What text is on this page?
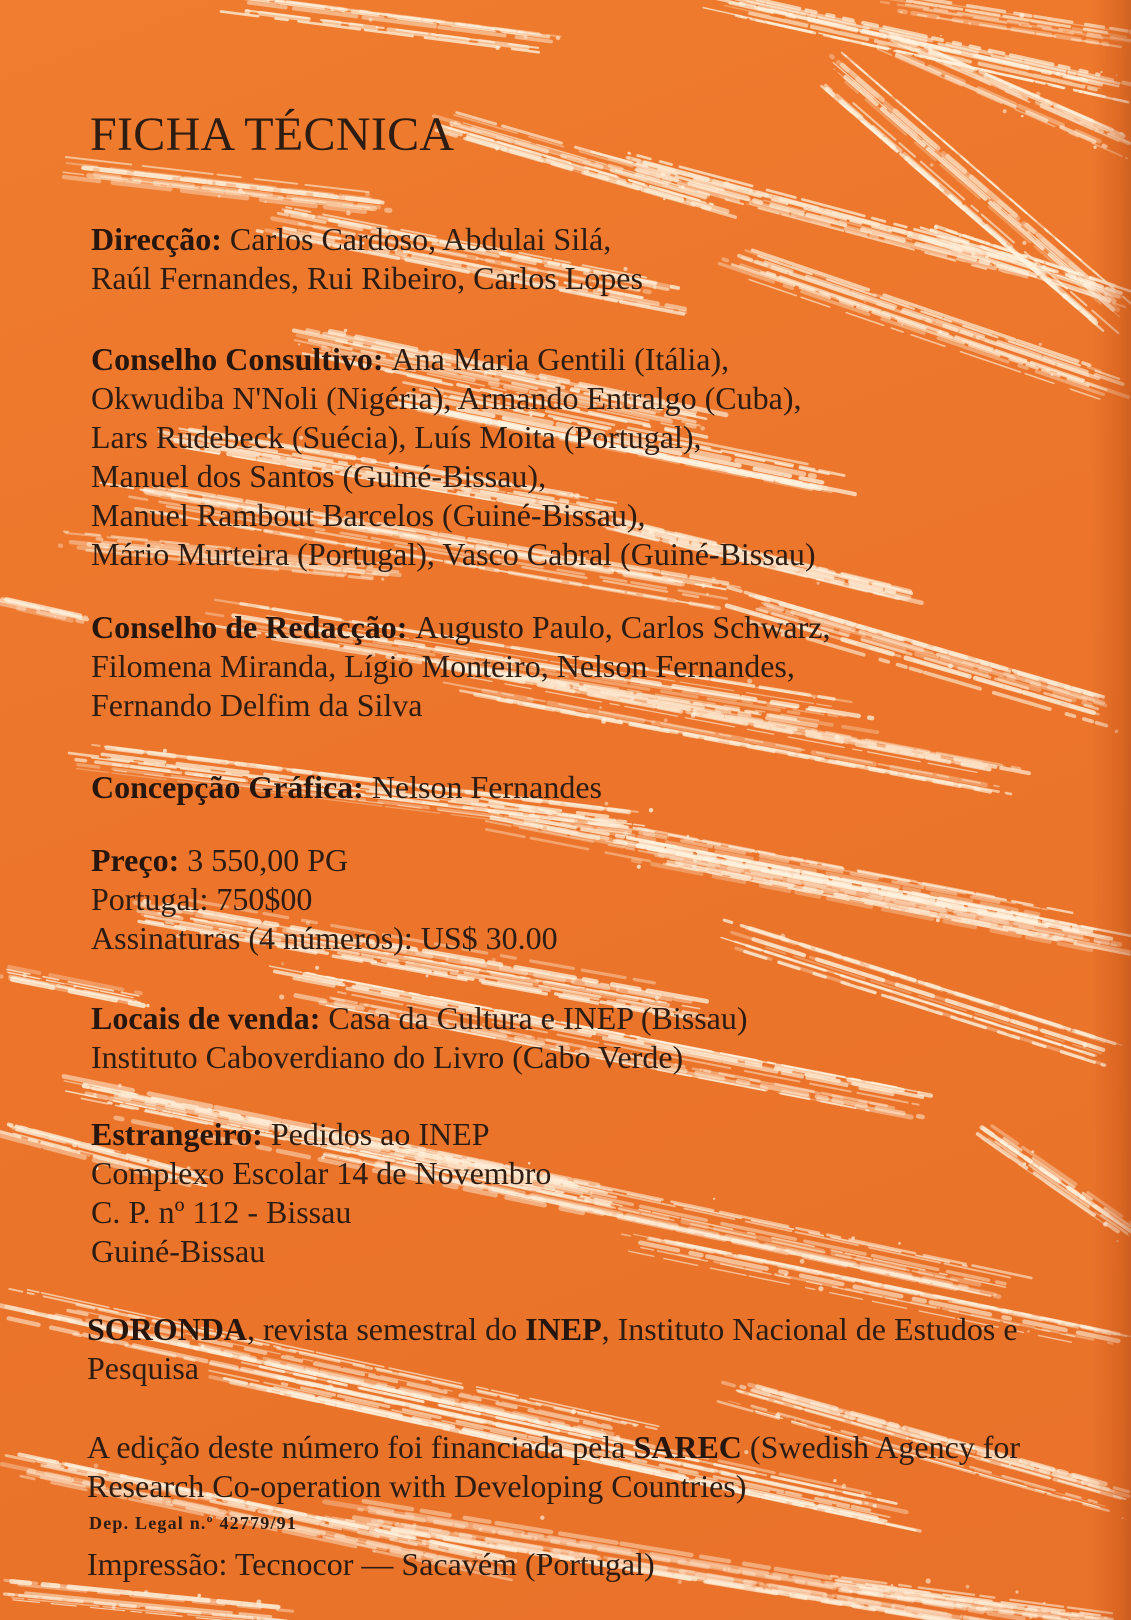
FICHA TÉCNICA
Direcção: Carlos Cardoso, Abdulai Silá,
Raúl Fernandes, Rui Ribeiro, Carlos Lopes
Conselho Consultivo: Ana Maria Gentili (Itália),
Okwudiba N'Noli (Nigéria), Armando Entralgo (Cuba),
Lars Rudebeck (Suécia), Luís Moita (Portugal),
Manuel dos Santos (Guiné-Bissau),
Manuel Rambout Barcelos (Guiné-Bissau),
Mário Murteira (Portugal), Vasco Cabral (Guiné-Bissau)
Conselho de Redacção: Augusto Paulo, Carlos Schwarz,
Filomena Miranda, Lígio Monteiro, Nelson Fernandes,
Fernando Delfim da Silva
Concepção Gráfica: Nelson Fernandes
Preço: 3 550,00 PG
Portugal: 750$00
Assinaturas (4 números): US$ 30.00
Locais de venda: Casa da Cultura e INEP (Bissau)
Instituto Caboverdiano do Livro (Cabo Verde)
Estrangeiro: Pedidos ao INEP
Complexo Escolar 14 de Novembro
C. P. nº 112 - Bissau
Guiné-Bissau
SORONDA, revista semestral do INEP, Instituto Nacional de Estudos e
Pesquisa
A edição deste número foi financiada pela SAREC (Swedish Agency for
Research Co-operation with Developing Countries)
Dep. Legal n.º 42779/91
Impressão: Tecnocor — Sacavém (Portugal)
